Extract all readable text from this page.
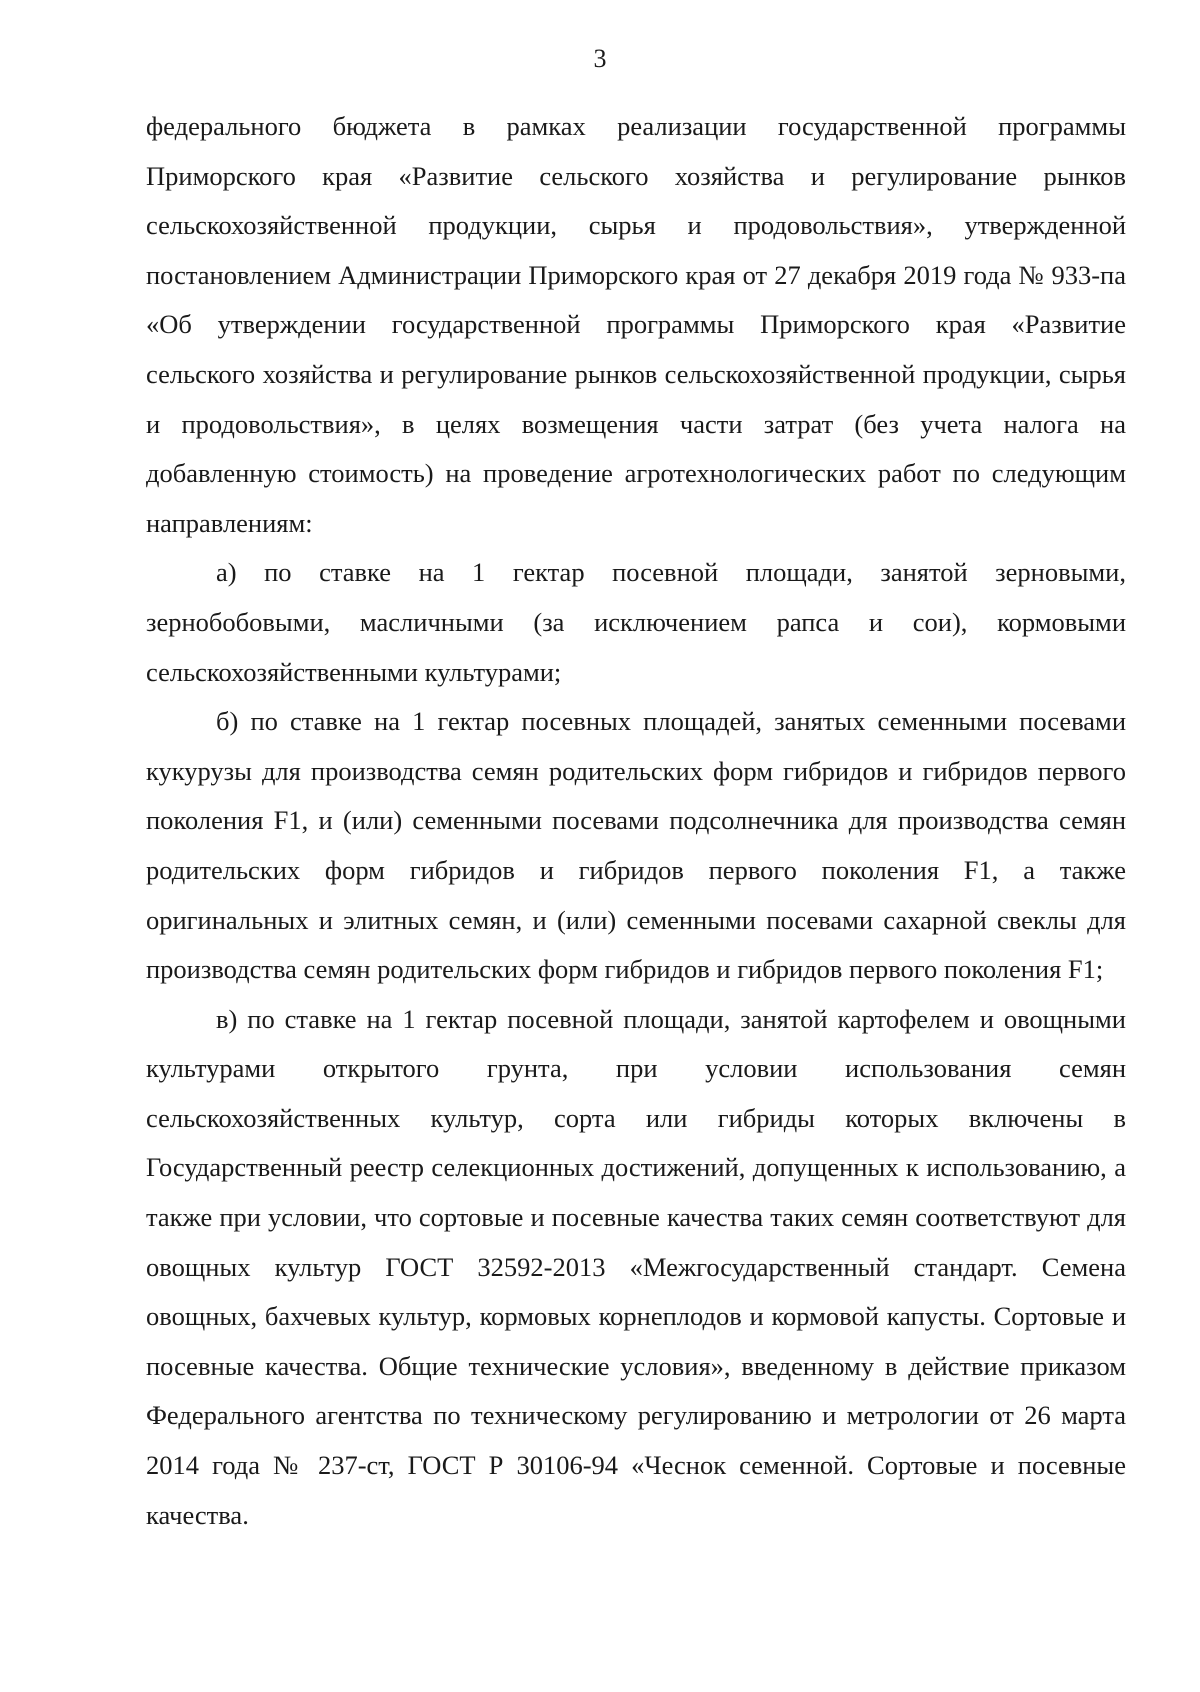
3

федерального бюджета в рамках реализации государственной программы Приморского края «Развитие сельского хозяйства и регулирование рынков сельскохозяйственной продукции, сырья и продовольствия», утвержденной постановлением Администрации Приморского края от 27 декабря 2019 года № 933-па «Об утверждении государственной программы Приморского края «Развитие сельского хозяйства и регулирование рынков сельскохозяйственной продукции, сырья и продовольствия», в целях возмещения части затрат (без учета налога на добавленную стоимость) на проведение агротехнологических работ по следующим направлениям:

а) по ставке на 1 гектар посевной площади, занятой зерновыми, зернобобовыми, масличными (за исключением рапса и сои), кормовыми сельскохозяйственными культурами;

б) по ставке на 1 гектар посевных площадей, занятых семенными посевами кукурузы для производства семян родительских форм гибридов и гибридов первого поколения F1, и (или) семенными посевами подсолнечника для производства семян родительских форм гибридов и гибридов первого поколения F1, а также оригинальных и элитных семян, и (или) семенными посевами сахарной свеклы для производства семян родительских форм гибридов и гибридов первого поколения F1;

в) по ставке на 1 гектар посевной площади, занятой картофелем и овощными культурами открытого грунта, при условии использования семян сельскохозяйственных культур, сорта или гибриды которых включены в Государственный реестр селекционных достижений, допущенных к использованию, а также при условии, что сортовые и посевные качества таких семян соответствуют для овощных культур ГОСТ 32592-2013 «Межгосударственный стандарт. Семена овощных, бахчевых культур, кормовых корнеплодов и кормовой капусты. Сортовые и посевные качества. Общие технические условия», введенному в действие приказом Федерального агентства по техническому регулированию и метрологии от 26 марта 2014 года № 237-ст, ГОСТ Р 30106-94 «Чеснок семенной. Сортовые и посевные качества.
